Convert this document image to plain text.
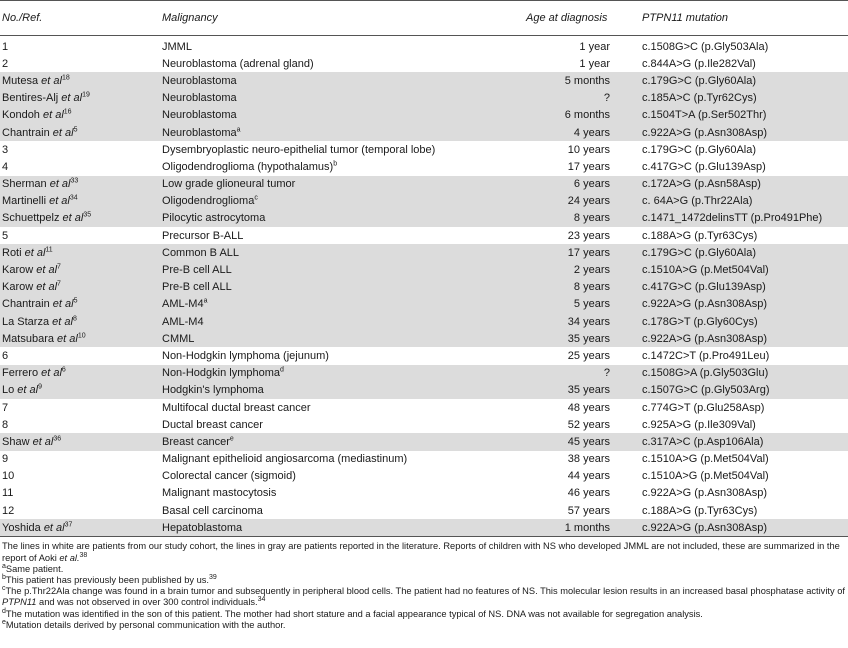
No./Ref.	Malignancy	Age at diagnosis	PTPN11 mutation
1	JMML	1 year	c.1508G>C (p.Gly503Ala)
2	Neuroblastoma (adrenal gland)	1 year	c.844A>G (p.Ile282Val)
Mutesa et $al^{18}$	Neuroblastoma	5 months	c.179G>C (p.Gly60Ala)
Bentires-Alj et $al^{19}$	Neuroblastoma	?	c.185A>C (p.Tyr62Cys)
Kondoh et $al^{16}$	Neuroblastoma	6 months	c.1504T>A (p.Ser502Thr)
Chantrain et $al^5$	Neuroblastoma$^a$	4 years	c.922A>G (p.Asn308Asp)
3	Dysembryoplastic neuro-epithelial tumor (temporal lobe)	10 years	c.179G>C (p.Gly60Ala)
4	Oligodendroglioma (hypothalamus)$^b$	17 years	c.417G>C (p.Glu139Asp)
Sherman et $al^{33}$	Low grade glioneural tumor	6 years	c.172A>G (p.Asn58Asp)
Martinelli et $al^{34}$	Oligodendroglioma$^c$	24 years	c. 64A>G (p.Thr22Ala)
Schuettpelz et $al^{35}$	Pilocytic astrocytoma	8 years	c.1471_1472delinsTT (p.Pro491Phe)
5	Precursor B-ALL	23 years	c.188A>G (p.Tyr63Cys)
Roti et $al^{11}$	Common B ALL	17 years	c.179G>C (p.Gly60Ala)
Karow et $al^7$	Pre-B cell ALL	2 years	c.1510A>G (p.Met504Val)
Karow et $al^7$	Pre-B cell ALL	8 years	c.417G>C (p.Glu139Asp)
Chantrain et $al^5$	AML-M4$^a$	5 years	c.922A>G (p.Asn308Asp)
La Starza et $al^8$	AML-M4	34 years	c.178G>T (p.Gly60Cys)
Matsubara et $al^{10}$	CMML	35 years	c.922A>G (p.Asn308Asp)
6	Non-Hodgkin lymphoma (jejunum)	25 years	c.1472C>T (p.Pro491Leu)
Ferrero et $al^6$	Non-Hodgkin lymphoma$^d$	?	c.1508G>A (p.Gly503Glu)
Lo et $al^9$	Hodgkin's lymphoma	35 years	c.1507G>C (p.Gly503Arg)
7	Multifocal ductal breast cancer	48 years	c.774G>T (p.Glu258Asp)
8	Ductal breast cancer	52 years	c.925A>G (p.Ile309Val)
Shaw et $al^{36}$	Breast cancer$^e$	45 years	c.317A>C (p.Asp106Ala)
9	Malignant epithelioid angiosarcoma (mediastinum)	38 years	c.1510A>G (p.Met504Val)
10	Colorectal cancer (sigmoid)	44 years	c.1510A>G (p.Met504Val)
11	Malignant mastocytosis	46 years	c.922A>G (p.Asn308Asp)
12	Basal cell carcinoma	57 years	c.188A>G (p.Tyr63Cys)
Yoshida et $al^{37}$	Hepatoblastoma	1 months	c.922A>G (p.Asn308Asp)

The lines in white are patients from our study cohort, the lines in gray are patients reported in the literature. Reports of children with NS who developed JMML are not included, these are summarized in the report of Aoki et al.$^{38}$

$^a$Same patient.

$^b$This patient has previously been published by us.$^{39}$

$^c$The p.Thr22Ala change was found in a brain tumor and subsequently in peripheral blood cells. The patient had no features of NS. This molecular lesion results in an increased basal phosphatase activity of PTPN11 and was not observed in over 300 control individuals.$^{34}$

$^d$The mutation was identified in the son of this patient. The mother had short stature and a facial appearance typical of NS. DNA was not available for segregation analysis.

$^e$Mutation details derived by personal communication with the author.
